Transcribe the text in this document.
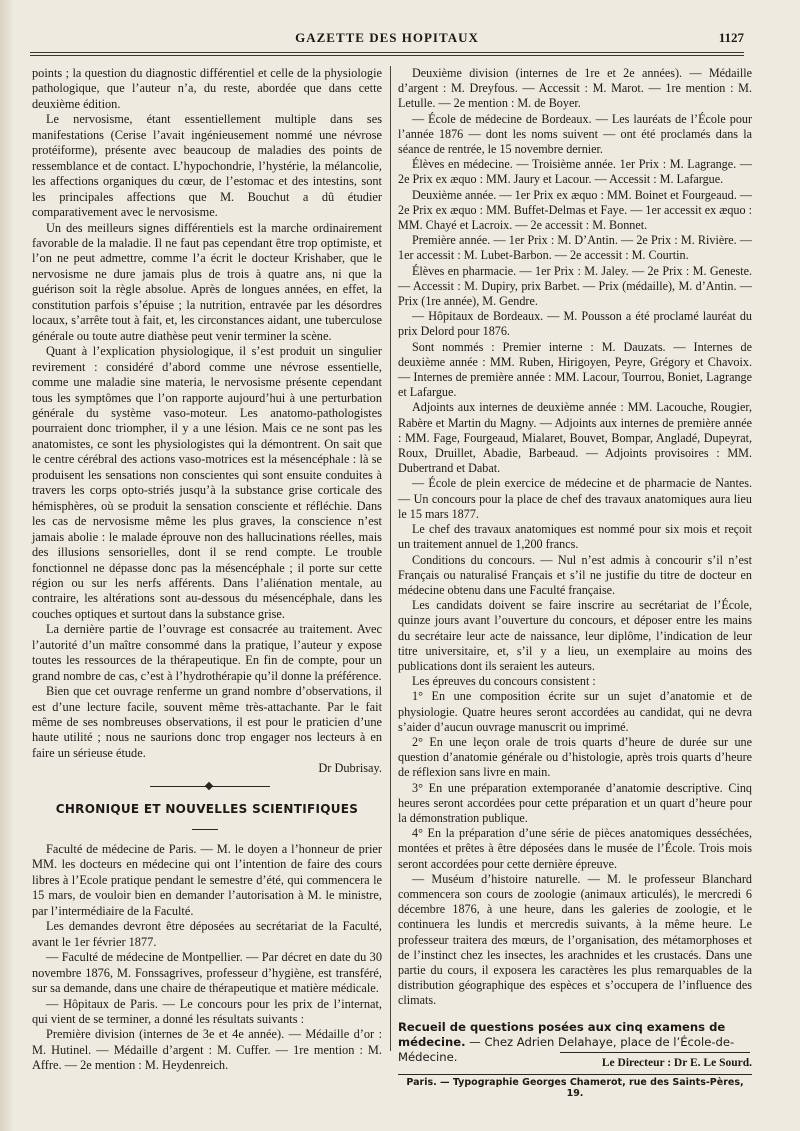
GAZETTE DES HOPITAUX	1127

points ; la question du diagnostic différentiel et celle de la physiologie pathologique, que l’auteur n’a, du reste, abordée que dans cette deuxième édition.

Le nervosisme, étant essentiellement multiple dans ses manifestations (Cerise l’avait ingénieusement nommé une névrose protéiforme), présente avec beaucoup de maladies des points de ressemblance et de contact. L’hypochondrie, l’hystérie, la mélancolie, les affections organiques du cœur, de l’estomac et des intestins, sont les principales affections que M. Bouchut a dû étudier comparativement avec le nervosisme.

Un des meilleurs signes différentiels est la marche ordinairement favorable de la maladie. Il ne faut pas cependant être trop optimiste, et l’on ne peut admettre, comme l’a écrit le docteur Krishaber, que le nervosisme ne dure jamais plus de trois à quatre ans, ni que la guérison soit la règle absolue. Après de longues années, en effet, la constitution parfois s’épuise ; la nutrition, entravée par les désordres locaux, s’arrête tout à fait, et, les circonstances aidant, une tuberculose générale ou toute autre diathèse peut venir terminer la scène.

Quant à l’explication physiologique, il s’est produit un singulier revirement : considéré d’abord comme une névrose essentielle, comme une maladie sine materia, le nervosisme présente cependant tous les symptômes que l’on rapporte aujourd’hui à une perturbation générale du système vaso-moteur. Les anatomo-pathologistes pourraient donc triompher, il y a une lésion. Mais ce ne sont pas les anatomistes, ce sont les physiologistes qui la démontrent. On sait que le centre cérébral des actions vaso-motrices est la mésencéphale : là se produisent les sensations non conscientes qui sont ensuite conduites à travers les corps opto-striés jusqu’à la substance grise corticale des hémisphères, où se produit la sensation consciente et réfléchie. Dans les cas de nervosisme même les plus graves, la conscience n’est jamais abolie : le malade éprouve non des hallucinations réelles, mais des illusions sensorielles, dont il se rend compte. Le trouble fonctionnel ne dépasse donc pas la mésencéphale ; il porte sur cette région ou sur les nerfs afférents. Dans l’aliénation mentale, au contraire, les altérations sont au-dessous du mésencéphale, dans les couches optiques et surtout dans la substance grise.

La dernière partie de l’ouvrage est consacrée au traitement. Avec l’autorité d’un maître consommé dans la pratique, l’auteur y expose toutes les ressources de la thérapeutique. En fin de compte, pour un grand nombre de cas, c’est à l’hydrothérapie qu’il donne la préférence.

Bien que cet ouvrage renferme un grand nombre d’observations, il est d’une lecture facile, souvent même très-attachante. Par le fait même de ses nombreuses observations, il est pour le praticien d’une haute utilité ; nous ne saurions donc trop engager nos lecteurs à en faire un sérieuse étude.

Dr Dubrisay.
CHRONIQUE ET NOUVELLES SCIENTIFIQUES

Faculté de médecine de Paris. — M. le doyen a l’honneur de prier MM. les docteurs en médecine qui ont l’intention de faire des cours libres à l’Ecole pratique pendant le semestre d’été, qui commencera le 15 mars, de vouloir bien en demander l’autorisation à M. le ministre, par l’intermédiaire de la Faculté.

Les demandes devront être déposées au secrétariat de la Faculté, avant le 1er février 1877.

— Faculté de médecine de Montpellier. — Par décret en date du 30 novembre 1876, M. Fonssagrives, professeur d’hygiène, est transféré, sur sa demande, dans une chaire de thérapeutique et matière médicale.

— Hôpitaux de Paris. — Le concours pour les prix de l’internat, qui vient de se terminer, a donné les résultats suivants :

Première division (internes de 3e et 4e année). — Médaille d’or : M. Hutinel. — Médaille d’argent : M. Cuffer. — 1re mention : M. Affre. — 2e mention : M. Heydenreich.

Deuxième division (internes de 1re et 2e années). — Médaille d’argent : M. Dreyfous. — Accessit : M. Marot. — 1re mention : M. Letulle. — 2e mention : M. de Boyer.

— École de médecine de Bordeaux. — Les lauréats de l’École pour l’année 1876 — dont les noms suivent — ont été proclamés dans la séance de rentrée, le 15 novembre dernier.

Élèves en médecine. — Troisième année. 1er Prix : M. Lagrange. — 2e Prix ex æquo : MM. Jaury et Lacour. — Accessit : M. Lafargue.

Deuxième année. — 1er Prix ex æquo : MM. Boinet et Fourgeaud. — 2e Prix ex æquo : MM. Buffet-Delmas et Faye. — 1er accessit ex æquo : MM. Chayé et Lacroix. — 2e accessit : M. Bonnet.

Première année. — 1er Prix : M. D’Antin. — 2e Prix : M. Rivière. — 1er accessit : M. Lubet-Barbon. — 2e accessit : M. Courtin.

Élèves en pharmacie. — 1er Prix : M. Jaley. — 2e Prix : M. Geneste. — Accessit : M. Dupiry, prix Barbet. — Prix (médaille), M. d’Antin. — Prix (1re année), M. Gendre.

— Hôpitaux de Bordeaux. — M. Pousson a été proclamé lauréat du prix Delord pour 1876.

Sont nommés : Premier interne : M. Dauzats. — Internes de deuxième année : MM. Ruben, Hirigoyen, Peyre, Grégory et Chavoix. — Internes de première année : MM. Lacour, Tourrou, Boniet, Lagrange et Lafargue.

Adjoints aux internes de deuxième année : MM. Lacouche, Rougier, Rabère et Martin du Magny. — Adjoints aux internes de première année : MM. Fage, Fourgeaud, Mialaret, Bouvet, Bompar, Angladé, Dupeyrat, Roux, Druillet, Abadie, Barbeaud. — Adjoints provisoires : MM. Dubertrand et Dabat.

— École de plein exercice de médecine et de pharmacie de Nantes. — Un concours pour la place de chef des travaux anatomiques aura lieu le 15 mars 1877.

Le chef des travaux anatomiques est nommé pour six mois et reçoit un traitement annuel de 1,200 francs.

Conditions du concours. — Nul n’est admis à concourir s’il n’est Français ou naturalisé Français et s’il ne justifie du titre de docteur en médecine obtenu dans une Faculté française.

Les candidats doivent se faire inscrire au secrétariat de l’École, quinze jours avant l’ouverture du concours, et déposer entre les mains du secrétaire leur acte de naissance, leur diplôme, l’indication de leur titre universitaire, et, s’il y a lieu, un exemplaire au moins des publications dont ils seraient les auteurs.

Les épreuves du concours consistent :

1° En une composition écrite sur un sujet d’anatomie et de physiologie. Quatre heures seront accordées au candidat, qui ne devra s’aider d’aucun ouvrage manuscrit ou imprimé.

2° En une leçon orale de trois quarts d’heure de durée sur une question d’anatomie générale ou d’histologie, après trois quarts d’heure de réflexion sans livre en main.

3° En une préparation extemporanée d’anatomie descriptive. Cinq heures seront accordées pour cette préparation et un quart d’heure pour la démonstration publique.

4° En la préparation d’une série de pièces anatomiques desséchées, montées et prêtes à être déposées dans le musée de l’École. Trois mois seront accordées pour cette dernière épreuve.

— Muséum d’histoire naturelle. — M. le professeur Blanchard commencera son cours de zoologie (animaux articulés), le mercredi 6 décembre 1876, à une heure, dans les galeries de zoologie, et le continuera les lundis et mercredis suivants, à la même heure. Le professeur traitera des mœurs, de l’organisation, des métamorphoses et de l’instinct chez les insectes, les arachnides et les crustacés. Dans une partie du cours, il exposera les caractères les plus remarquables de la distribution géographique des espèces et s’occupera de l’influence des climats.

Recueil de questions posées aux cinq examens de médecine. — Chez Adrien Delahaye, place de l’École-de-Médecine.	Le Directeur : Dr E. Le Sourd.
Paris. — Typographie Georges Chamerot, rue des Saints-Pères, 19.
